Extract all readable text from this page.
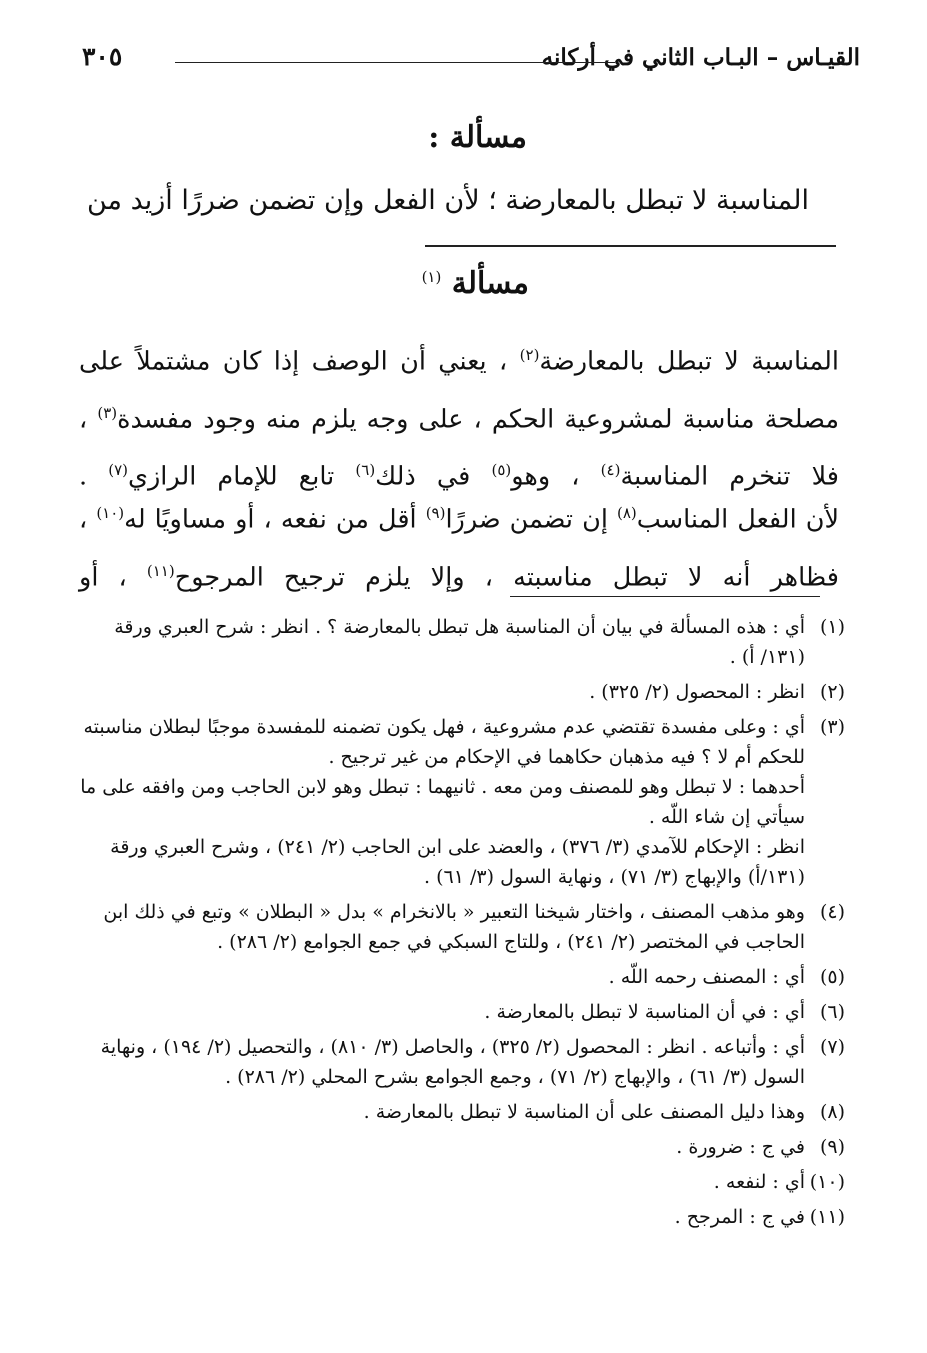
القيـاس – البـاب الثاني في أركانه
٣٠٥
مسألة :
المناسبة لا تبطل بالمعارضة ؛ لأن الفعل وإن تضمن ضررًا أزيد من
مسألة $^{(١)}$

المناسبة لا تبطل بالمعارضة$^{(٢)}$ ، يعني أن الوصف إذا كان مشتملاً على مصلحة مناسبة لمشروعية الحكم ، على وجه يلزم منه وجود مفسدة$^{(٣)}$ ، فلا تنخرم المناسبة$^{(٤)}$ ، وهو$^{(٥)}$ في ذلك$^{(٦)}$ تابع للإمام الرازي$^{(٧)}$ .

لأن الفعل المناسب$^{(٨)}$ إن تضمن ضررًا$^{(٩)}$ أقل من نفعه ، أو مساويًا له$^{(١٠)}$ ، فظاهر أنه لا تبطل مناسبته ، وإلا يلزم ترجيح المرجوح$^{(١١)}$ ، أو

(١)

أي : هذه المسألة في بيان أن المناسبة هل تبطل بالمعارضة ؟ . انظر : شرح العبري ورقة (١٣١/ أ) .

(٢)

انظر : المحصول (٢/ ٣٢٥) .

(٣)

أي : وعلى مفسدة تقتضي عدم مشروعية ، فهل يكون تضمنه للمفسدة موجبًا لبطلان مناسبته للحكم أم لا ؟ فيه مذهبان حكاهما في الإحكام من غير ترجيح .

أحدهما : لا تبطل وهو للمصنف ومن معه . ثانيهما : تبطل وهو لابن الحاجب ومن وافقه على ما سيأتي إن شاء اللّه .

انظر : الإحكام للآمدي (٣/ ٣٧٦) ، والعضد على ابن الحاجب (٢/ ٢٤١) ، وشرح العبري ورقة (١٣١/أ) والإبهاج (٣/ ٧١) ، ونهاية السول (٣/ ٦١) .

(٤)

وهو مذهب المصنف ، واختار شيخنا التعبير « بالانخرام » بدل « البطلان » وتبع في ذلك ابن الحاجب في المختصر (٢/ ٢٤١) ، وللتاج السبكي في جمع الجوامع (٢/ ٢٨٦) .

(٥)

أي : المصنف رحمه اللّه .

(٦)

أي : في أن المناسبة لا تبطل بالمعارضة .

(٧)

أي : وأتباعه . انظر : المحصول (٢/ ٣٢٥) ، والحاصل (٣/ ٨١٠) ، والتحصيل (٢/ ١٩٤) ، ونهاية السول (٣/ ٦١) ، والإبهاج (٢/ ٧١) ، وجمع الجوامع بشرح المحلي (٢/ ٢٨٦) .

(٨)

وهذا دليل المصنف على أن المناسبة لا تبطل بالمعارضة .

(٩)

في ج : ضرورة .

(١٠)

أي : لنفعه .

(١١)

في ج : المرجح .
